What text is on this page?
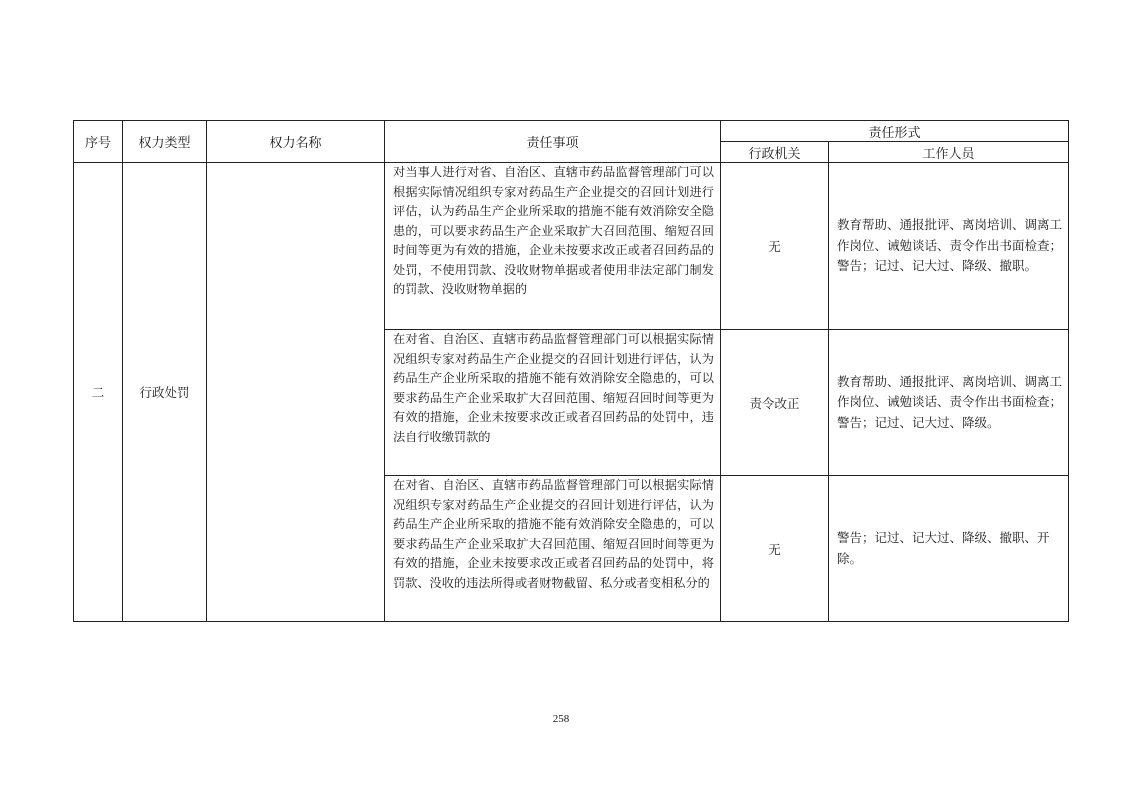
序号	权力类型	权力名称	责任事项	责任形式	
				行政机关	工作人员
二	行政处罚		对当事人进行对省、自治区、直辖市药品监督管理部门可以根据实际情况组织专家对药品生产企业提交的召回计划进行评估，认为药品生产企业所采取的措施不能有效消除安全隐患的，可以要求药品生产企业采取扩大召回范围、缩短召回时间等更为有效的措施，企业未按要求改正或者召回药品的处罚，不使用罚款、没收财物单据或者使用非法定部门制发的罚款、没收财物单据的	无	教育帮助、通报批评、离岗培训、调离工作岗位、诫勉谈话、责令作出书面检查；警告；记过、记大过、降级、撤职。
			在对省、自治区、直辖市药品监督管理部门可以根据实际情况组织专家对药品生产企业提交的召回计划进行评估，认为药品生产企业所采取的措施不能有效消除安全隐患的，可以要求药品生产企业采取扩大召回范围、缩短召回时间等更为有效的措施，企业未按要求改正或者召回药品的处罚中，违法自行收缴罚款的	责令改正	教育帮助、通报批评、离岗培训、调离工作岗位、诫勉谈话、责令作出书面检查；警告；记过、记大过、降级。
			在对省、自治区、直辖市药品监督管理部门可以根据实际情况组织专家对药品生产企业提交的召回计划进行评估，认为药品生产企业所采取的措施不能有效消除安全隐患的，可以要求药品生产企业采取扩大召回范围、缩短召回时间等更为有效的措施，企业未按要求改正或者召回药品的处罚中，将罚款、没收的违法所得或者财物截留、私分或者变相私分的	无	警告；记过、记大过、降级、撤职、开除。
258
